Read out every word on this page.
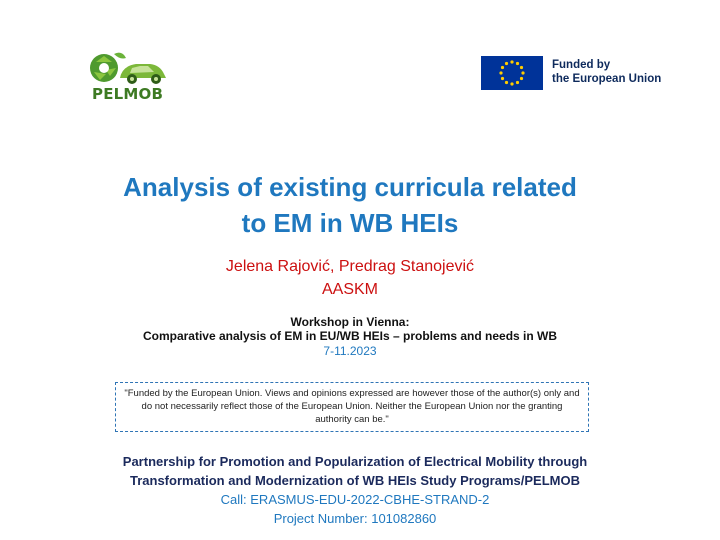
PELMOB
Funded by
the European Union
Analysis of existing curricula related
to EM in WB HEIs
Jelena Rajović, Predrag Stanojević
AASKM
Workshop in Vienna:
Comparative analysis of EM in EU/WB HEIs – problems and needs in WB
7-11.2023
"Funded by the European Union. Views and opinions expressed are however those of the author(s) only and do not necessarily reflect those of the European Union. Neither the European Union nor the granting authority can be."
Partnership for Promotion and Popularization of Electrical Mobility through
Transformation and Modernization of WB HEIs Study Programs/PELMOB
Call: ERASMUS-EDU-2022-CBHE-STRAND-2
Project Number: 101082860
